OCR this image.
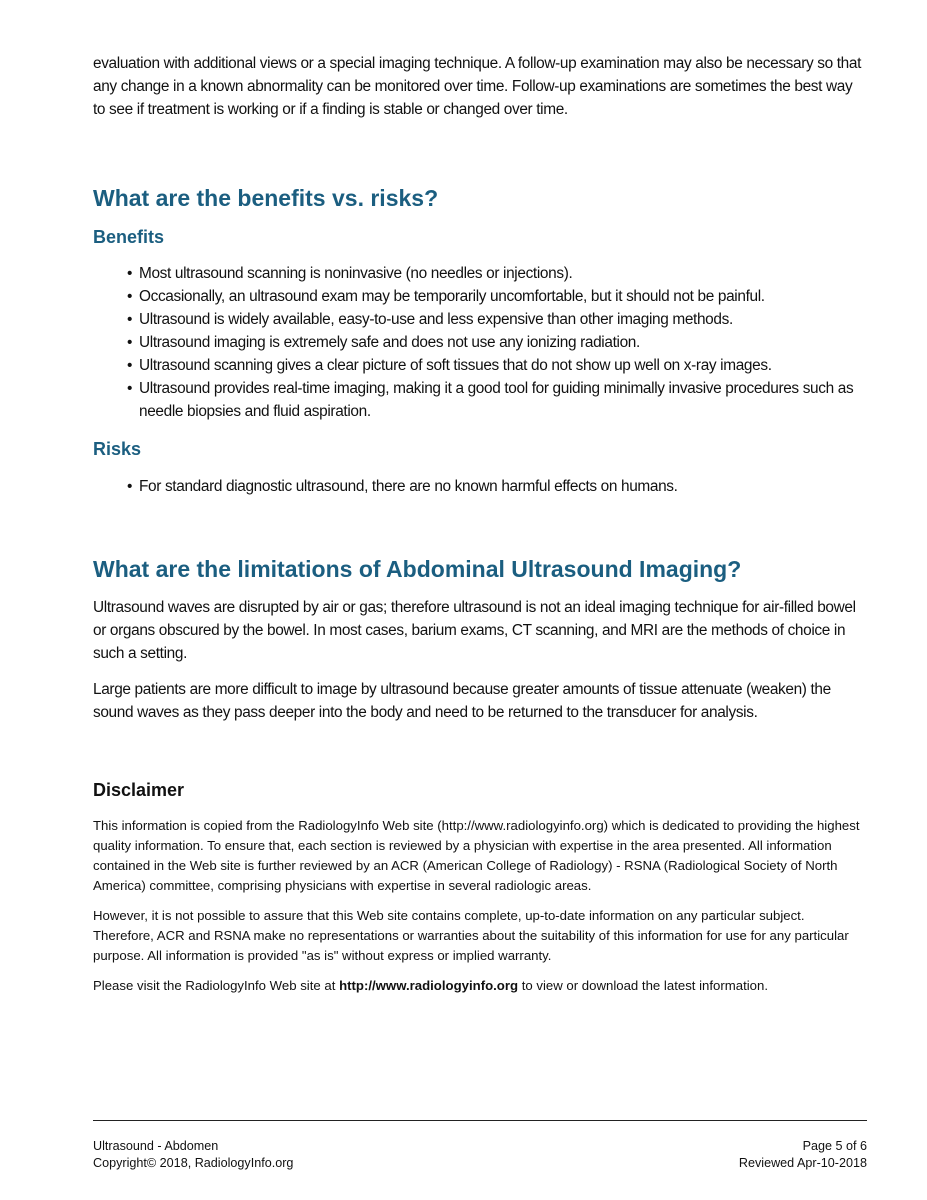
evaluation with additional views or a special imaging technique. A follow-up examination may also be necessary so that any change in a known abnormality can be monitored over time. Follow-up examinations are sometimes the best way to see if treatment is working or if a finding is stable or changed over time.

What are the benefits vs. risks?
Benefits
• Most ultrasound scanning is noninvasive (no needles or injections).
• Occasionally, an ultrasound exam may be temporarily uncomfortable, but it should not be painful.
• Ultrasound is widely available, easy-to-use and less expensive than other imaging methods.
• Ultrasound imaging is extremely safe and does not use any ionizing radiation.
• Ultrasound scanning gives a clear picture of soft tissues that do not show up well on x-ray images.
• Ultrasound provides real-time imaging, making it a good tool for guiding minimally invasive procedures such as needle biopsies and fluid aspiration.
Risks
• For standard diagnostic ultrasound, there are no known harmful effects on humans.
What are the limitations of Abdominal Ultrasound Imaging?

Ultrasound waves are disrupted by air or gas; therefore ultrasound is not an ideal imaging technique for air-filled bowel or organs obscured by the bowel. In most cases, barium exams, CT scanning, and MRI are the methods of choice in such a setting.

Large patients are more difficult to image by ultrasound because greater amounts of tissue attenuate (weaken) the sound waves as they pass deeper into the body and need to be returned to the transducer for analysis.

Disclaimer

This information is copied from the RadiologyInfo Web site (http://www.radiologyinfo.org) which is dedicated to providing the highest quality information. To ensure that, each section is reviewed by a physician with expertise in the area presented. All information contained in the Web site is further reviewed by an ACR (American College of Radiology) - RSNA (Radiological Society of North America) committee, comprising physicians with expertise in several radiologic areas.

However, it is not possible to assure that this Web site contains complete, up-to-date information on any particular subject. Therefore, ACR and RSNA make no representations or warranties about the suitability of this information for use for any particular purpose. All information is provided "as is" without express or implied warranty.

Please visit the RadiologyInfo Web site at http://www.radiologyinfo.org to view or download the latest information.

Ultrasound - Abdomen
Copyright© 2018, RadiologyInfo.org
Page 5 of 6
Reviewed Apr-10-2018
